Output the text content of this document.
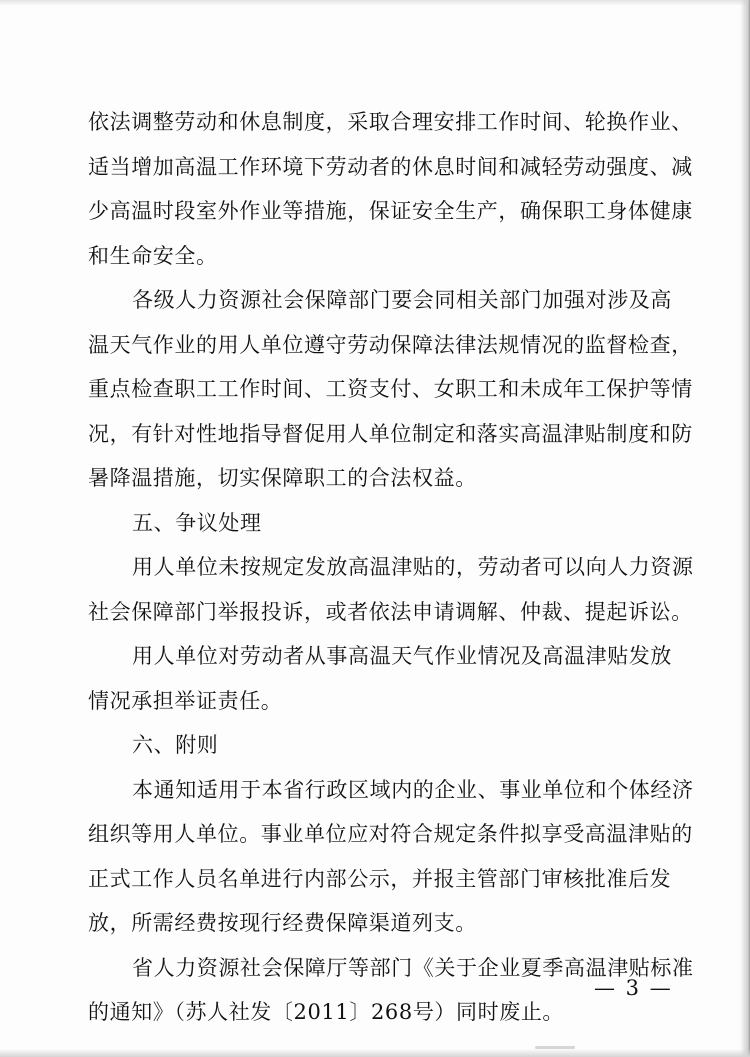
依法调整劳动和休息制度，采取合理安排工作时间、轮换作业、
适当增加高温工作环境下劳动者的休息时间和减轻劳动强度、减
少高温时段室外作业等措施，保证安全生产，确保职工身体健康
和生命安全。
各级人力资源社会保障部门要会同相关部门加强对涉及高
温天气作业的用人单位遵守劳动保障法律法规情况的监督检查，
重点检查职工工作时间、工资支付、女职工和未成年工保护等情
况，有针对性地指导督促用人单位制定和落实高温津贴制度和防
暑降温措施，切实保障职工的合法权益。
五、争议处理
用人单位未按规定发放高温津贴的，劳动者可以向人力资源
社会保障部门举报投诉，或者依法申请调解、仲裁、提起诉讼。
用人单位对劳动者从事高温天气作业情况及高温津贴发放
情况承担举证责任。
六、附则
本通知适用于本省行政区域内的企业、事业单位和个体经济
组织等用人单位。事业单位应对符合规定条件拟享受高温津贴的
正式工作人员名单进行内部公示，并报主管部门审核批准后发
放，所需经费按现行经费保障渠道列支。
省人力资源社会保障厅等部门《关于企业夏季高温津贴标准
的通知》（苏人社发〔2011〕268号）同时废止。
— 3 —
